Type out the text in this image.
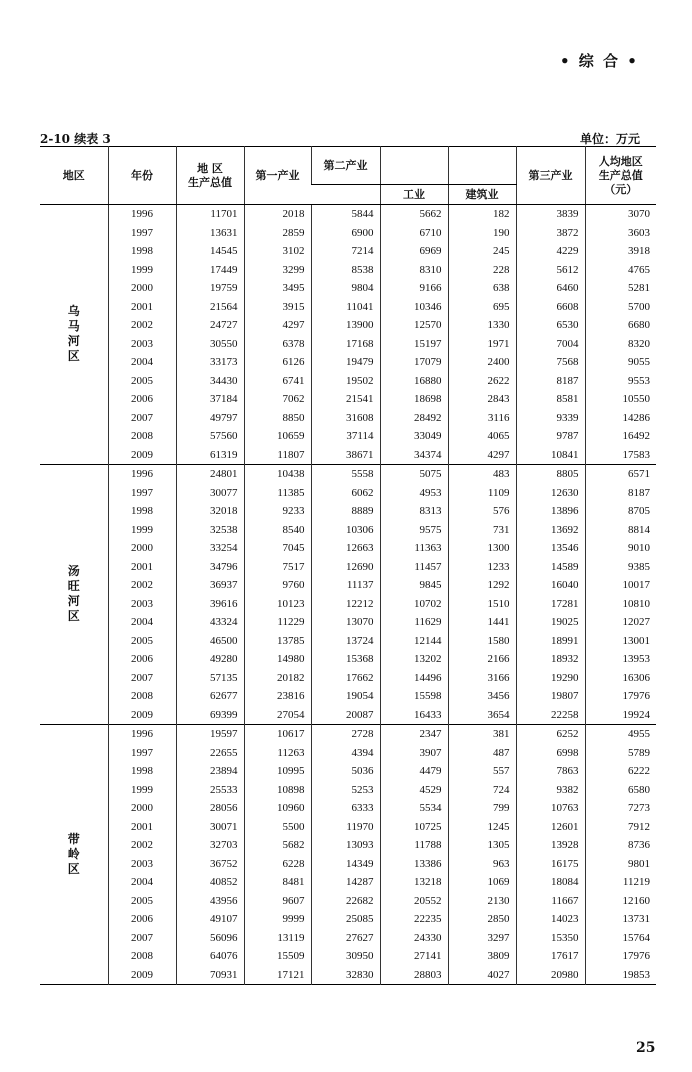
• 综 合 •
2-10 续表 3	单位：万元
地区	年份	地 区
生产总值	第一产业	第二产业			第三产业	人均地区
生产总值
（元）
					工业	建筑业		
乌马河区	1996	11701	2018	5844	5662	182	3839	3070
	1997	13631	2859	6900	6710	190	3872	3603
	1998	14545	3102	7214	6969	245	4229	3918
	1999	17449	3299	8538	8310	228	5612	4765
	2000	19759	3495	9804	9166	638	6460	5281
	2001	21564	3915	11041	10346	695	6608	5700
	2002	24727	4297	13900	12570	1330	6530	6680
	2003	30550	6378	17168	15197	1971	7004	8320
	2004	33173	6126	19479	17079	2400	7568	9055
	2005	34430	6741	19502	16880	2622	8187	9553
	2006	37184	7062	21541	18698	2843	8581	10550
	2007	49797	8850	31608	28492	3116	9339	14286
	2008	57560	10659	37114	33049	4065	9787	16492
	2009	61319	11807	38671	34374	4297	10841	17583
汤旺河区	1996	24801	10438	5558	5075	483	8805	6571
	1997	30077	11385	6062	4953	1109	12630	8187
	1998	32018	9233	8889	8313	576	13896	8705
	1999	32538	8540	10306	9575	731	13692	8814
	2000	33254	7045	12663	11363	1300	13546	9010
	2001	34796	7517	12690	11457	1233	14589	9385
	2002	36937	9760	11137	9845	1292	16040	10017
	2003	39616	10123	12212	10702	1510	17281	10810
	2004	43324	11229	13070	11629	1441	19025	12027
	2005	46500	13785	13724	12144	1580	18991	13001
	2006	49280	14980	15368	13202	2166	18932	13953
	2007	57135	20182	17662	14496	3166	19290	16306
	2008	62677	23816	19054	15598	3456	19807	17976
	2009	69399	27054	20087	16433	3654	22258	19924
带岭区	1996	19597	10617	2728	2347	381	6252	4955
	1997	22655	11263	4394	3907	487	6998	5789
	1998	23894	10995	5036	4479	557	7863	6222
	1999	25533	10898	5253	4529	724	9382	6580
	2000	28056	10960	6333	5534	799	10763	7273
	2001	30071	5500	11970	10725	1245	12601	7912
	2002	32703	5682	13093	11788	1305	13928	8736
	2003	36752	6228	14349	13386	963	16175	9801
	2004	40852	8481	14287	13218	1069	18084	11219
	2005	43956	9607	22682	20552	2130	11667	12160
	2006	49107	9999	25085	22235	2850	14023	13731
	2007	56096	13119	27627	24330	3297	15350	15764
	2008	64076	15509	30950	27141	3809	17617	17976
	2009	70931	17121	32830	28803	4027	20980	19853
25
